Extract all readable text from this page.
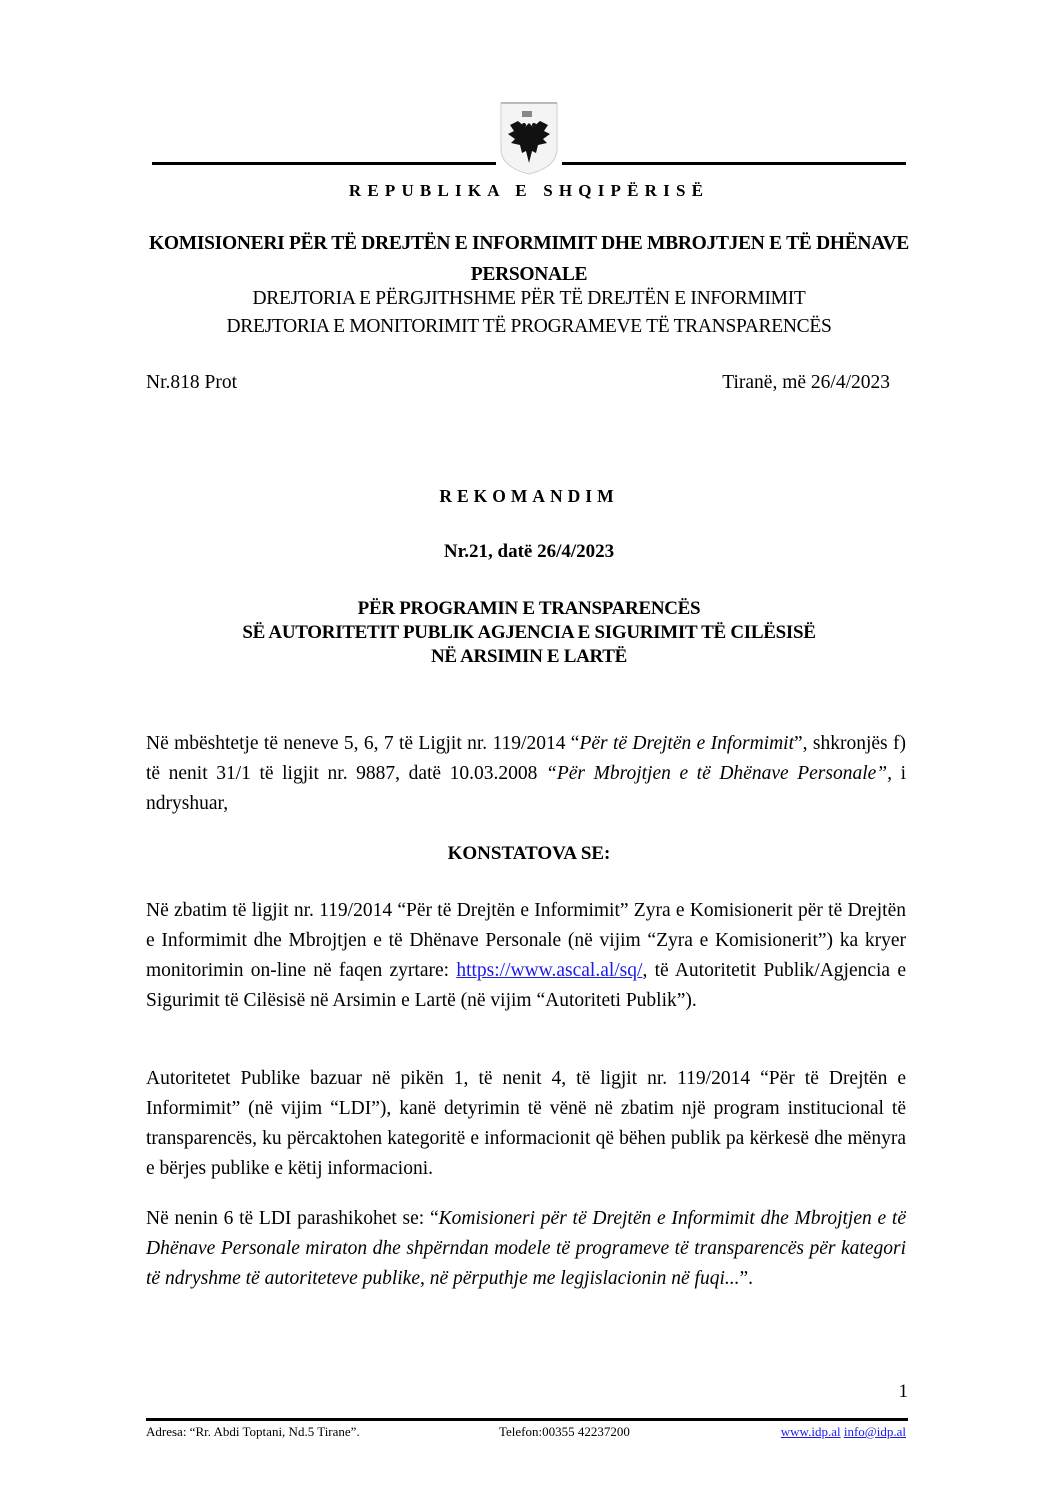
REPUBLIKA E SHQIPËRISË
KOMISIONERI PËR TË DREJTËN E INFORMIMIT DHE MBROJTJEN E TË DHËNAVE PERSONALE
DREJTORIA E PËRGJITHSHME PËR TË DREJTËN E INFORMIMIT
DREJTORIA E MONITORIMIT TË PROGRAMEVE TË TRANSPARENCËS
Nr.818 Prot	Tiranë, më 26/4/2023
REKOMANDIM
Nr.21, datë 26/4/2023
PËR PROGRAMIN E TRANSPARENCËS
SË AUTORITETIT PUBLIK AGJENCIA E SIGURIMIT TË CILËSISË
NË ARSIMIN E LARTË

Në mbështetje të neneve 5, 6, 7 të Ligjit nr. 119/2014 “Për të Drejtën e Informimit”, shkronjës f) të nenit 31/1 të ligjit nr. 9887, datë 10.03.2008 “Për Mbrojtjen e të Dhënave Personale”, i ndryshuar,

KONSTATOVA SE:

Në zbatim të ligjit nr. 119/2014 “Për të Drejtën e Informimit” Zyra e Komisionerit për të Drejtën e Informimit dhe Mbrojtjen e të Dhënave Personale (në vijim “Zyra e Komisionerit”) ka kryer monitorimin on-line në faqen zyrtare: https://www.ascal.al/sq/, të Autoritetit Publik/Agjencia e Sigurimit të Cilësisë në Arsimin e Lartë (në vijim “Autoriteti Publik”).

Autoritetet Publike bazuar në pikën 1, të nenit 4, të ligjit nr. 119/2014 “Për të Drejtën e Informimit” (në vijim “LDI”), kanë detyrimin të vënë në zbatim një program institucional të transparencës, ku përcaktohen kategoritë e informacionit që bëhen publik pa kërkesë dhe mënyra e bërjes publike e këtij informacioni.

Në nenin 6 të LDI parashikohet se: “Komisioneri për të Drejtën e Informimit dhe Mbrojtjen e të Dhënave Personale miraton dhe shpërndan modele të programeve të transparencës për kategori të ndryshme të autoriteteve publike, në përputhje me legjislacionin në fuqi...”.

1
Adresa: “Rr. Abdi Toptani, Nd.5 Tirane”.	Telefon:00355 42237200	www.idp.al info@idp.al
